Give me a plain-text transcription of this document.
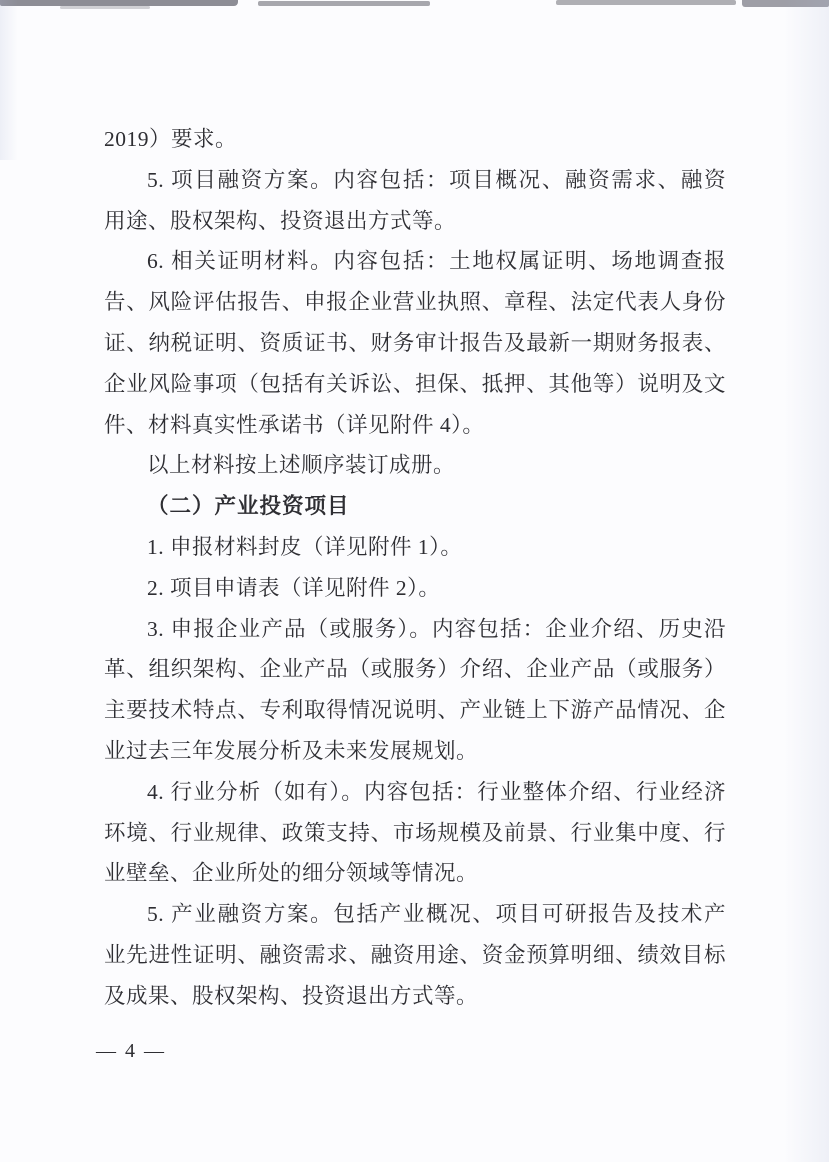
2019）要求。
5. 项目融资方案。内容包括：项目概况、融资需求、融资
用途、股权架构、投资退出方式等。
6. 相关证明材料。内容包括：土地权属证明、场地调查报
告、风险评估报告、申报企业营业执照、章程、法定代表人身份
证、纳税证明、资质证书、财务审计报告及最新一期财务报表、
企业风险事项（包括有关诉讼、担保、抵押、其他等）说明及文
件、材料真实性承诺书（详见附件 4）。
以上材料按上述顺序装订成册。
（二）产业投资项目
1. 申报材料封皮（详见附件 1）。
2. 项目申请表（详见附件 2）。
3. 申报企业产品（或服务）。内容包括：企业介绍、历史沿
革、组织架构、企业产品（或服务）介绍、企业产品（或服务）
主要技术特点、专利取得情况说明、产业链上下游产品情况、企
业过去三年发展分析及未来发展规划。
4. 行业分析（如有）。内容包括：行业整体介绍、行业经济
环境、行业规律、政策支持、市场规模及前景、行业集中度、行
业壁垒、企业所处的细分领域等情况。
5. 产业融资方案。包括产业概况、项目可研报告及技术产
业先进性证明、融资需求、融资用途、资金预算明细、绩效目标
及成果、股权架构、投资退出方式等。
— 4 —
